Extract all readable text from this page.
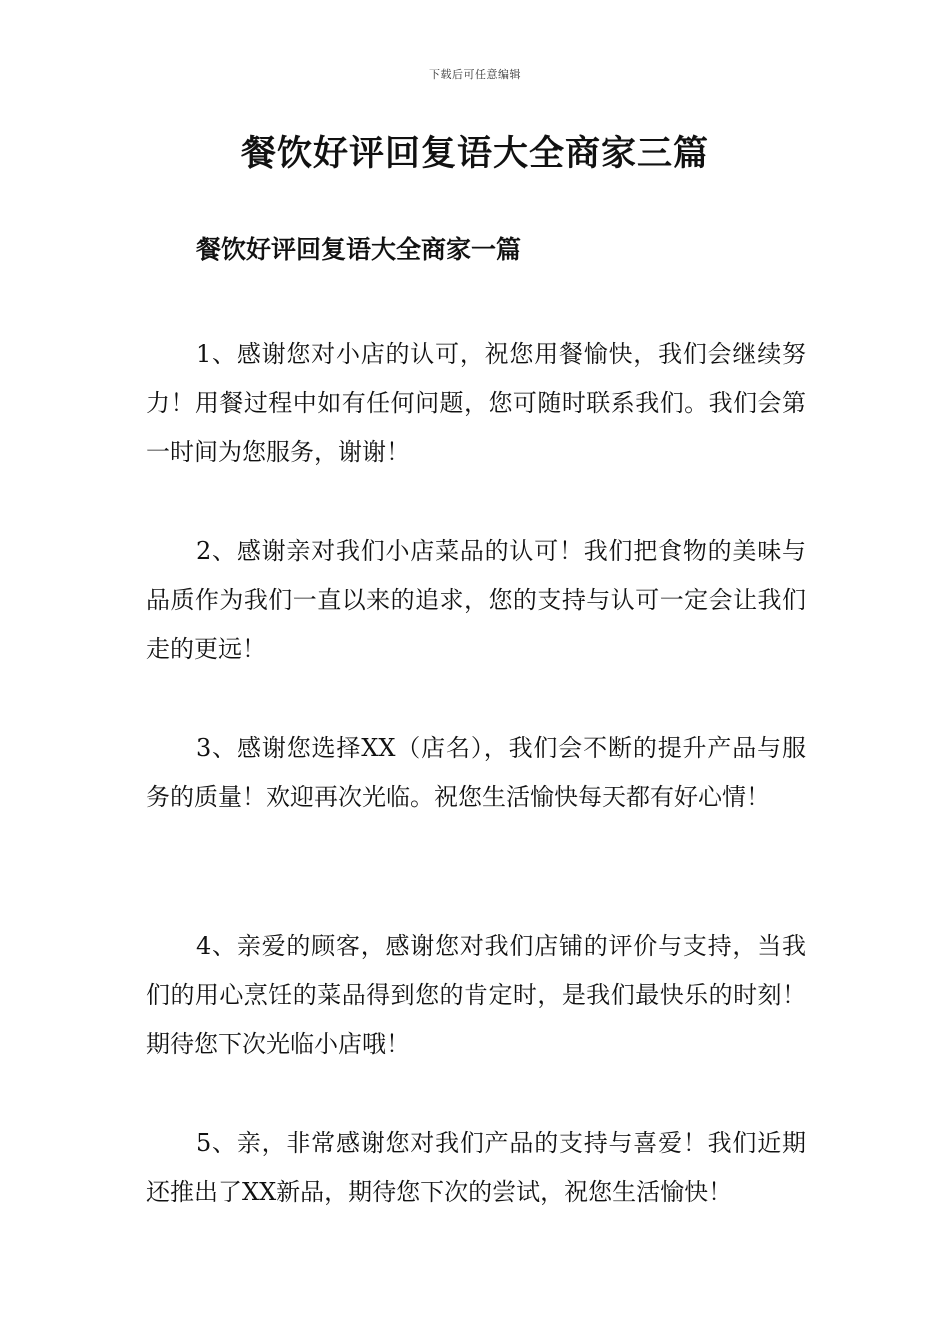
下载后可任意编辑
餐饮好评回复语大全商家三篇
餐饮好评回复语大全商家一篇

1、感谢您对小店的认可，祝您用餐愉快，我们会继续努力！用餐过程中如有任何问题，您可随时联系我们。我们会第一时间为您服务，谢谢！

2、感谢亲对我们小店菜品的认可！我们把食物的美味与品质作为我们一直以来的追求，您的支持与认可一定会让我们走的更远！

3、感谢您选择XX（店名），我们会不断的提升产品与服务的质量！欢迎再次光临。祝您生活愉快每天都有好心情！

4、亲爱的顾客，感谢您对我们店铺的评价与支持，当我们的用心烹饪的菜品得到您的肯定时，是我们最快乐的时刻！期待您下次光临小店哦！

5、亲，非常感谢您对我们产品的支持与喜爱！我们近期还推出了XX新品，期待您下次的尝试，祝您生活愉快！
